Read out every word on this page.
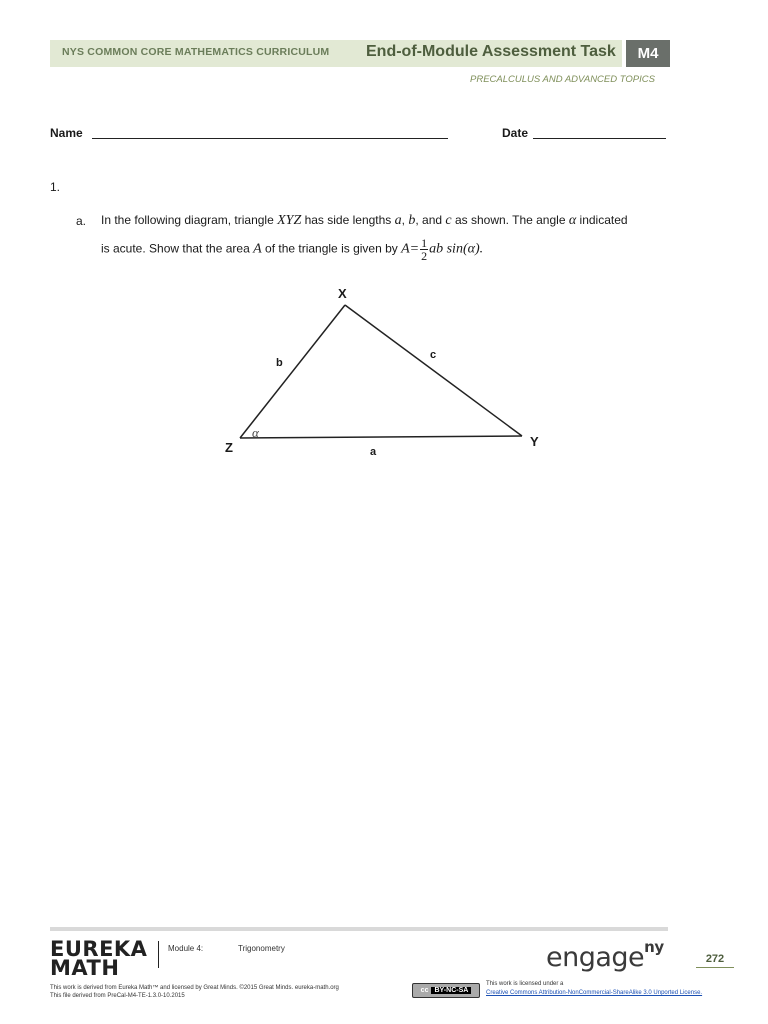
NYS COMMON CORE MATHEMATICS CURRICULUM End-of-Module Assessment Task	M4
PRECALCULUS AND ADVANCED TOPICS
Name	Date
1.
a. In the following diagram, triangle XYZ has side lengths a, b, and c as shown. The angle α indicated
is acute. Show that the area A of the triangle is given by $A= \frac{1}{2}$ ab sin(α).
X
Y
Z
b
c
a
α
EUREKA
MATH
Module 4:	Trigonometry	engage$^{ny}$
272
This work is derived from Eureka Math™ and licensed by Great Minds. ©2015 Great Minds. eureka-math.org
This file derived from PreCal-M4-TE-1.3.0-10.2015
cc BY-NC-SA
This work is licensed under a
Creative Commons Attribution-NonCommercial-ShareAlike 3.0 Unported License.
